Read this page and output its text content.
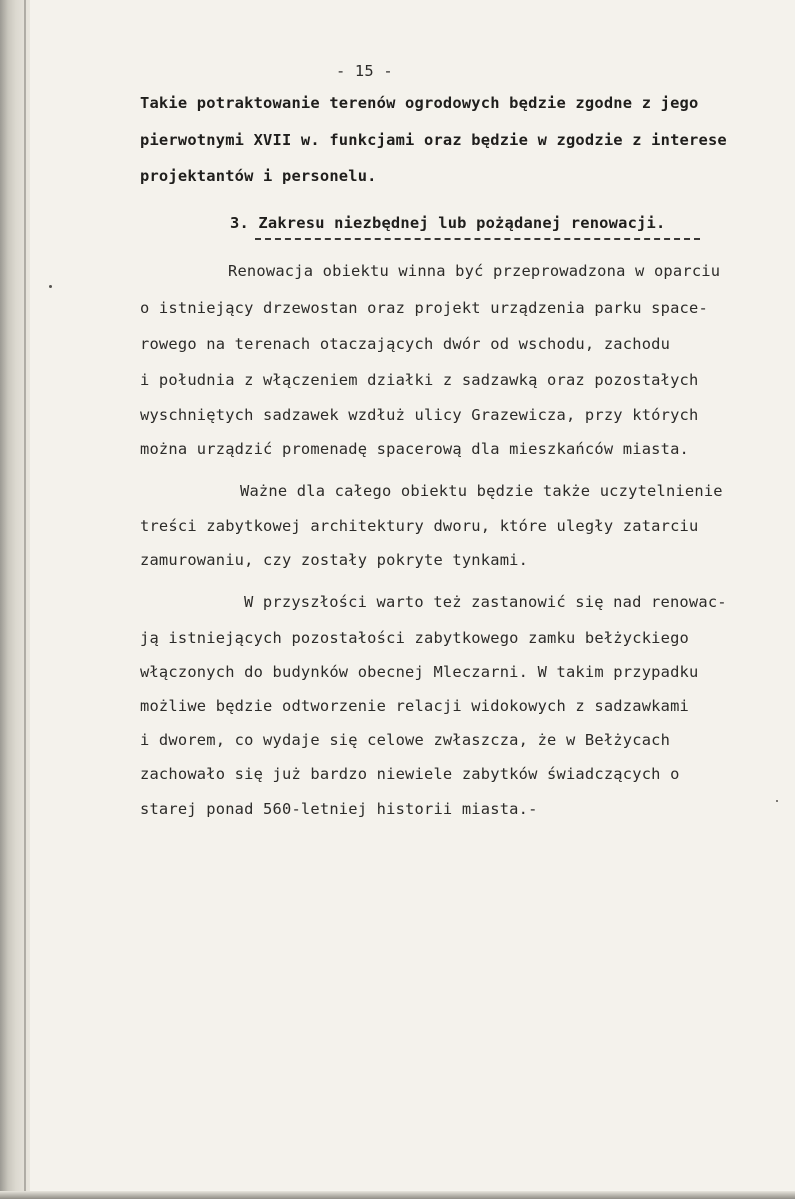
- 15 -
Takie potraktowanie terenów ogrodowych będzie zgodne z jego
pierwotnymi XVII w. funkcjami oraz będzie w zgodzie z interese
projektantów i personelu.
3. Zakresu niezbędnej lub pożądanej renowacji.
Renowacja obiektu winna być przeprowadzona w oparciu
o istniejący drzewostan oraz projekt urządzenia parku space-
rowego na terenach otaczających dwór od wschodu, zachodu
i południa z włączeniem działki z sadzawką oraz pozostałych
wyschniętych sadzawek wzdłuż ulicy Grazewicza, przy których
można urządzić promenadę spacerową dla mieszkańców miasta.
Ważne dla całego obiektu będzie także uczytelnienie
treści zabytkowej architektury dworu, które uległy zatarciu
zamurowaniu, czy zostały pokryte tynkami.
W przyszłości warto też zastanowić się nad renowac-
ją istniejących pozostałości zabytkowego zamku bełżyckiego
włączonych do budynków obecnej Mleczarni. W takim przypadku
możliwe będzie odtworzenie relacji widokowych z sadzawkami
i dworem, co wydaje się celowe zwłaszcza, że w Bełżycach
zachowało się już bardzo niewiele zabytków świadczących o
starej ponad 560-letniej historii miasta.-
